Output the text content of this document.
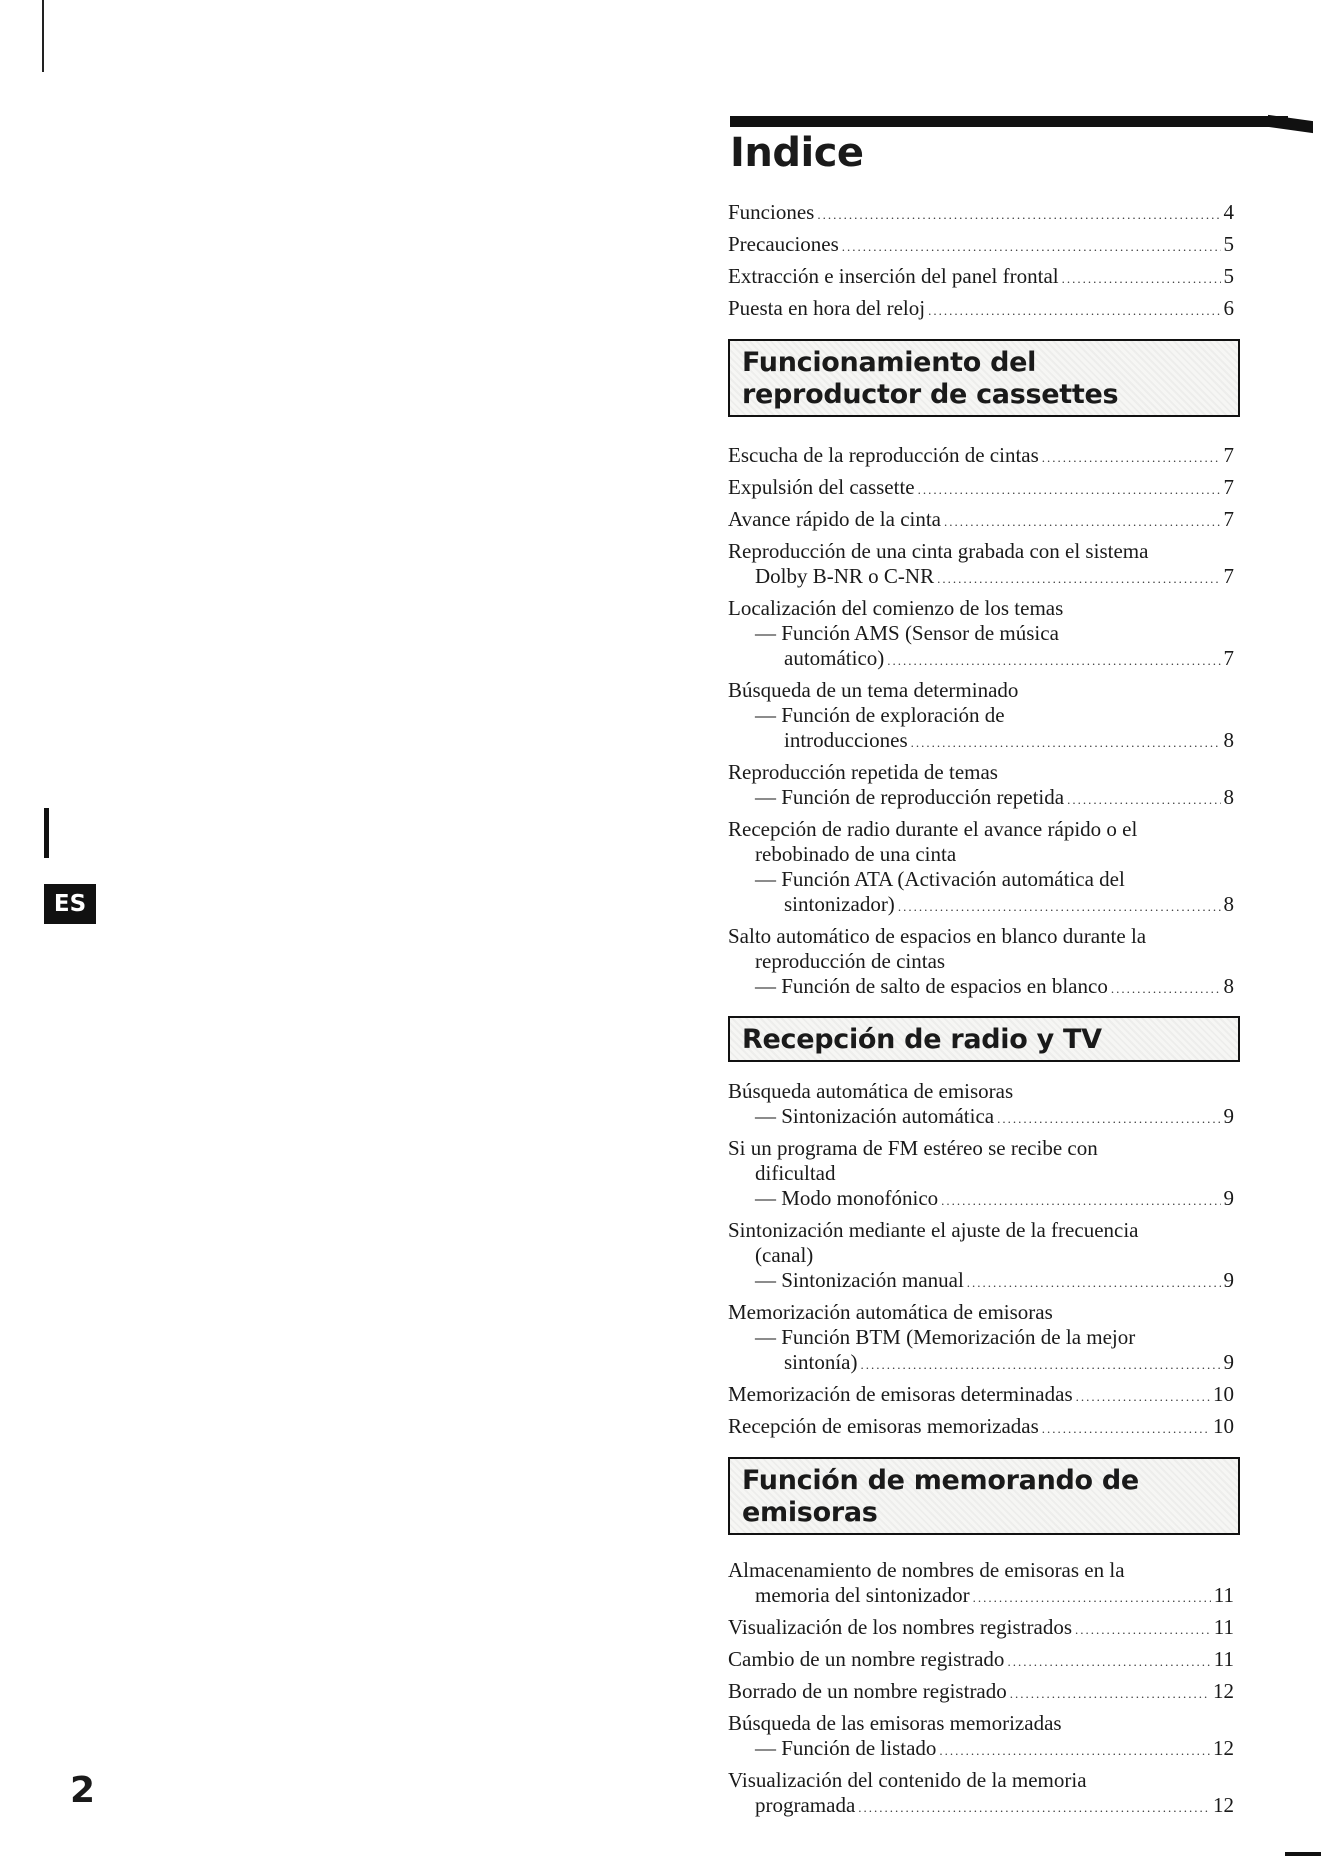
ES
2
Indice
Funciones .....	4
Precauciones .....	5
Extracción e inserción del panel frontal .....	5
Puesta en hora del reloj .....	6
Funcionamiento del
reproductor de cassettes
Escucha de la reproducción de cintas .....	7
Expulsión del cassette .....	7
Avance rápido de la cinta .....	7
Reproducción de una cinta grabada con el sistema
Dolby B-NR o C-NR .....	7
Localización del comienzo de los temas
— Función AMS (Sensor de música
automático) .....	7
Búsqueda de un tema determinado
— Función de exploración de
introducciones .....	8
Reproducción repetida de temas
— Función de reproducción repetida .....	8
Recepción de radio durante el avance rápido o el
rebobinado de una cinta
— Función ATA (Activación automática del
sintonizador) .....	8
Salto automático de espacios en blanco durante la
reproducción de cintas
— Función de salto de espacios en blanco .....	8
Recepción de radio y TV
Búsqueda automática de emisoras
— Sintonización automática .....	9
Si un programa de FM estéreo se recibe con
dificultad
— Modo monofónico .....	9
Sintonización mediante el ajuste de la frecuencia
(canal)
— Sintonización manual .....	9
Memorización automática de emisoras
— Función BTM (Memorización de la mejor
sintonía) .....	9
Memorización de emisoras determinadas .....	10
Recepción de emisoras memorizadas .....	10
Función de memorando de
emisoras
Almacenamiento de nombres de emisoras en la
memoria del sintonizador .....	11
Visualización de los nombres registrados .....	11
Cambio de un nombre registrado .....	11
Borrado de un nombre registrado .....	12
Búsqueda de las emisoras memorizadas
— Función de listado .....	12
Visualización del contenido de la memoria
programada .....	12
